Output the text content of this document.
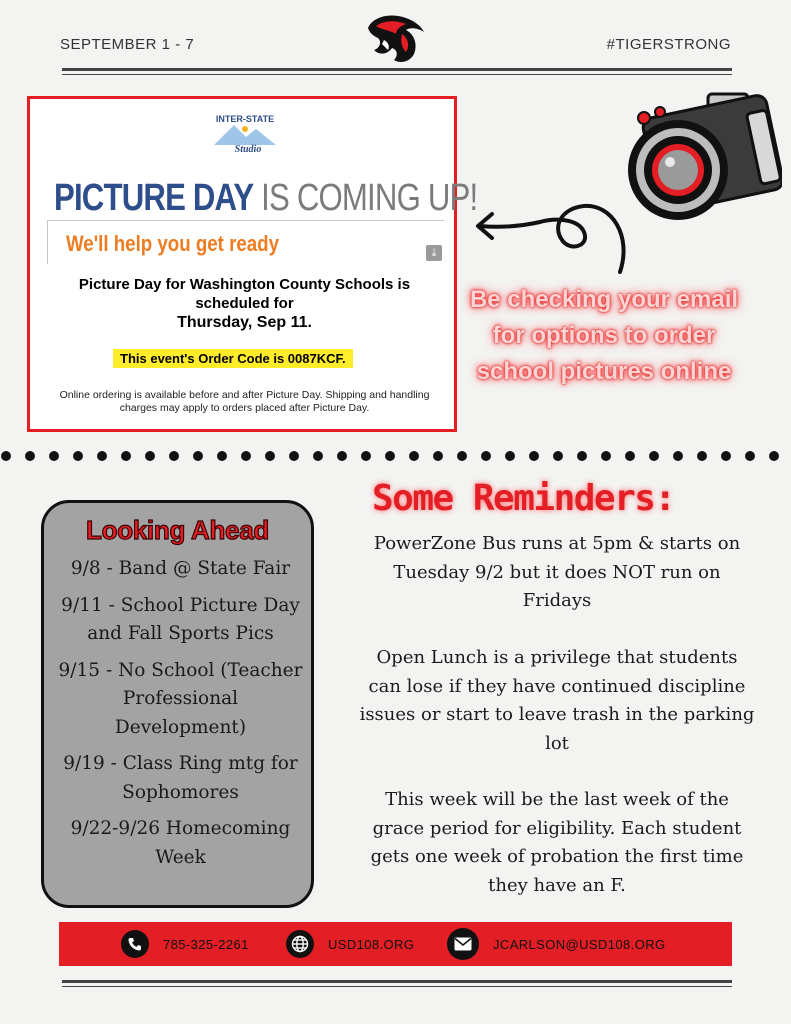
SEPTEMBER 1 - 7	#TIGERSTRONG
INTER-STATE
Studio
PICTURE DAY IS COMING UP!
We'll help you get ready	⤓
Picture Day for Washington County Schools is
scheduled for
Thursday, Sep 11.
This event's Order Code is 0087KCF.
Online ordering is available before and after Picture Day. Shipping and handling charges may apply to orders placed after Picture Day.
Be checking your email for options to order school pictures online
Looking Ahead
9/8 - Band @ State Fair
9/11 - School Picture Day and Fall Sports Pics
9/15 - No School (Teacher Professional Development)
9/19 - Class Ring mtg for Sophomores
9/22-9/26 Homecoming Week
Some Reminders:
PowerZone Bus runs at 5pm & starts on Tuesday 9/2 but it does NOT run on Fridays
Open Lunch is a privilege that students can lose if they have continued discipline issues or start to leave trash in the parking lot
This week will be the last week of the grace period for eligibility. Each student gets one week of probation the first time they have an F.
785-325-2261	USD108.ORG	JCARLSON@USD108.ORG
